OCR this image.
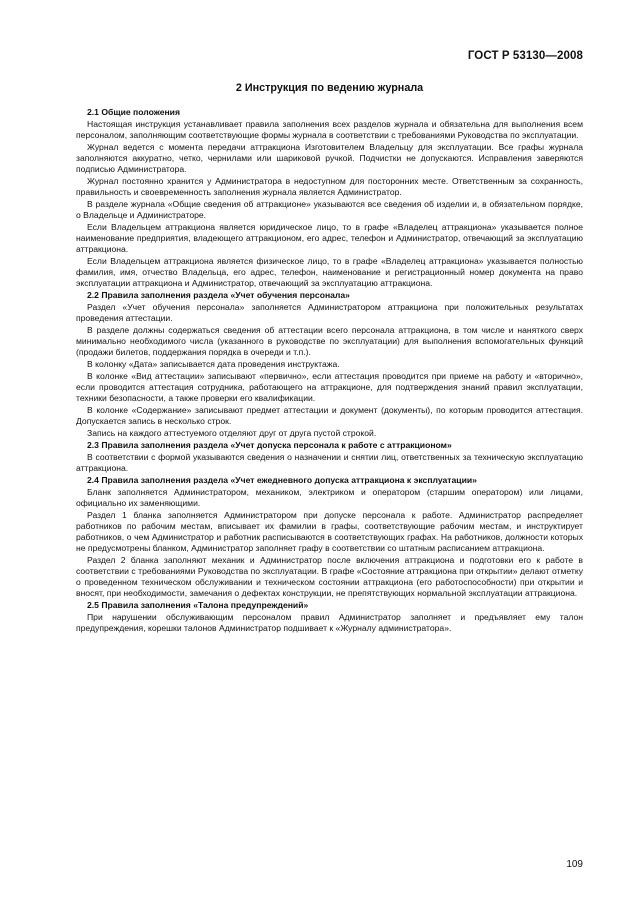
ГОСТ Р 53130—2008
2 Инструкция по ведению журнала
2.1 Общие положения

Настоящая инструкция устанавливает правила заполнения всех разделов журнала и обязательна для выполнения всем персоналом, заполняющим соответствующие формы журнала в соответствии с требованиями Руководства по эксплуатации.

Журнал ведется с момента передачи аттракциона Изготовителем Владельцу для эксплуатации. Все графы журнала заполняются аккуратно, четко, чернилами или шариковой ручкой. Подчистки не допускаются. Исправления заверяются подписью Администратора.

Журнал постоянно хранится у Администратора в недоступном для посторонних месте. Ответственным за сохранность, правильность и своевременность заполнения журнала является Администратор.

В разделе журнала «Общие сведения об аттракционе» указываются все сведения об изделии и, в обязательном порядке, о Владельце и Администраторе.

Если Владельцем аттракциона является юридическое лицо, то в графе «Владелец аттракциона» указывается полное наименование предприятия, владеющего аттракционом, его адрес, телефон и Администратор, отвечающий за эксплуатацию аттракциона.

Если Владельцем аттракциона является физическое лицо, то в графе «Владелец аттракциона» указывается полностью фамилия, имя, отчество Владельца, его адрес, телефон, наименование и регистрационный номер документа на право эксплуатации аттракциона и Администратор, отвечающий за эксплуатацию аттракциона.

2.2 Правила заполнения раздела «Учет обучения персонала»

Раздел «Учет обучения персонала» заполняется Администратором аттракциона при положительных результатах проведения аттестации.

В разделе должны содержаться сведения об аттестации всего персонала аттракциона, в том числе и наняткого сверх минимально необходимого числа (указанного в руководстве по эксплуатации) для выполнения вспомогательных функций (продажи билетов, поддержания порядка в очереди и т.п.).

В колонку «Дата» записывается дата проведения инструктажа.

В колонке «Вид аттестации» записывают «первично», если аттестация проводится при приеме на работу и «вторично», если проводится аттестация сотрудника, работающего на аттракционе, для подтверждения знаний правил эксплуатации, техники безопасности, а также проверки его квалификации.

В колонке «Содержание» записывают предмет аттестации и документ (документы), по которым проводится аттестация. Допускается запись в несколько строк.

Запись на каждого аттестуемого отделяют друг от друга пустой строкой.

2.3 Правила заполнения раздела «Учет допуска персонала к работе с аттракционом»

В соответствии с формой указываются сведения о назначении и снятии лиц, ответственных за техническую эксплуатацию аттракциона.

2.4 Правила заполнения раздела «Учет ежедневного допуска аттракциона к эксплуатации»

Бланк заполняется Администратором, механиком, электриком и оператором (старшим оператором) или лицами, официально их заменяющими.

Раздел 1 бланка заполняется Администратором при допуске персонала к работе. Администратор распределяет работников по рабочим местам, вписывает их фамилии в графы, соответствующие рабочим местам, и инструктирует работников, о чем Администратор и работник расписываются в соответствующих графах. На работников, должности которых не предусмотрены бланком, Администратор заполняет графу в соответствии со штатным расписанием аттракциона.

Раздел 2 бланка заполняют механик и Администратор после включения аттракциона и подготовки его к работе в соответствии с требованиями Руководства по эксплуатации. В графе «Состояние аттракциона при открытии» делают отметку о проведенном техническом обслуживании и техническом состоянии аттракциона (его работоспособности) при открытии и вносят, при необходимости, замечания о дефектах конструкции, не препятствующих нормальной эксплуатации аттракциона.

2.5 Правила заполнения «Талона предупреждений»

При нарушении обслуживающим персоналом правил Администратор заполняет и предъявляет ему талон предупреждения, корешки талонов Администратор подшивает к «Журналу администратора».

109
